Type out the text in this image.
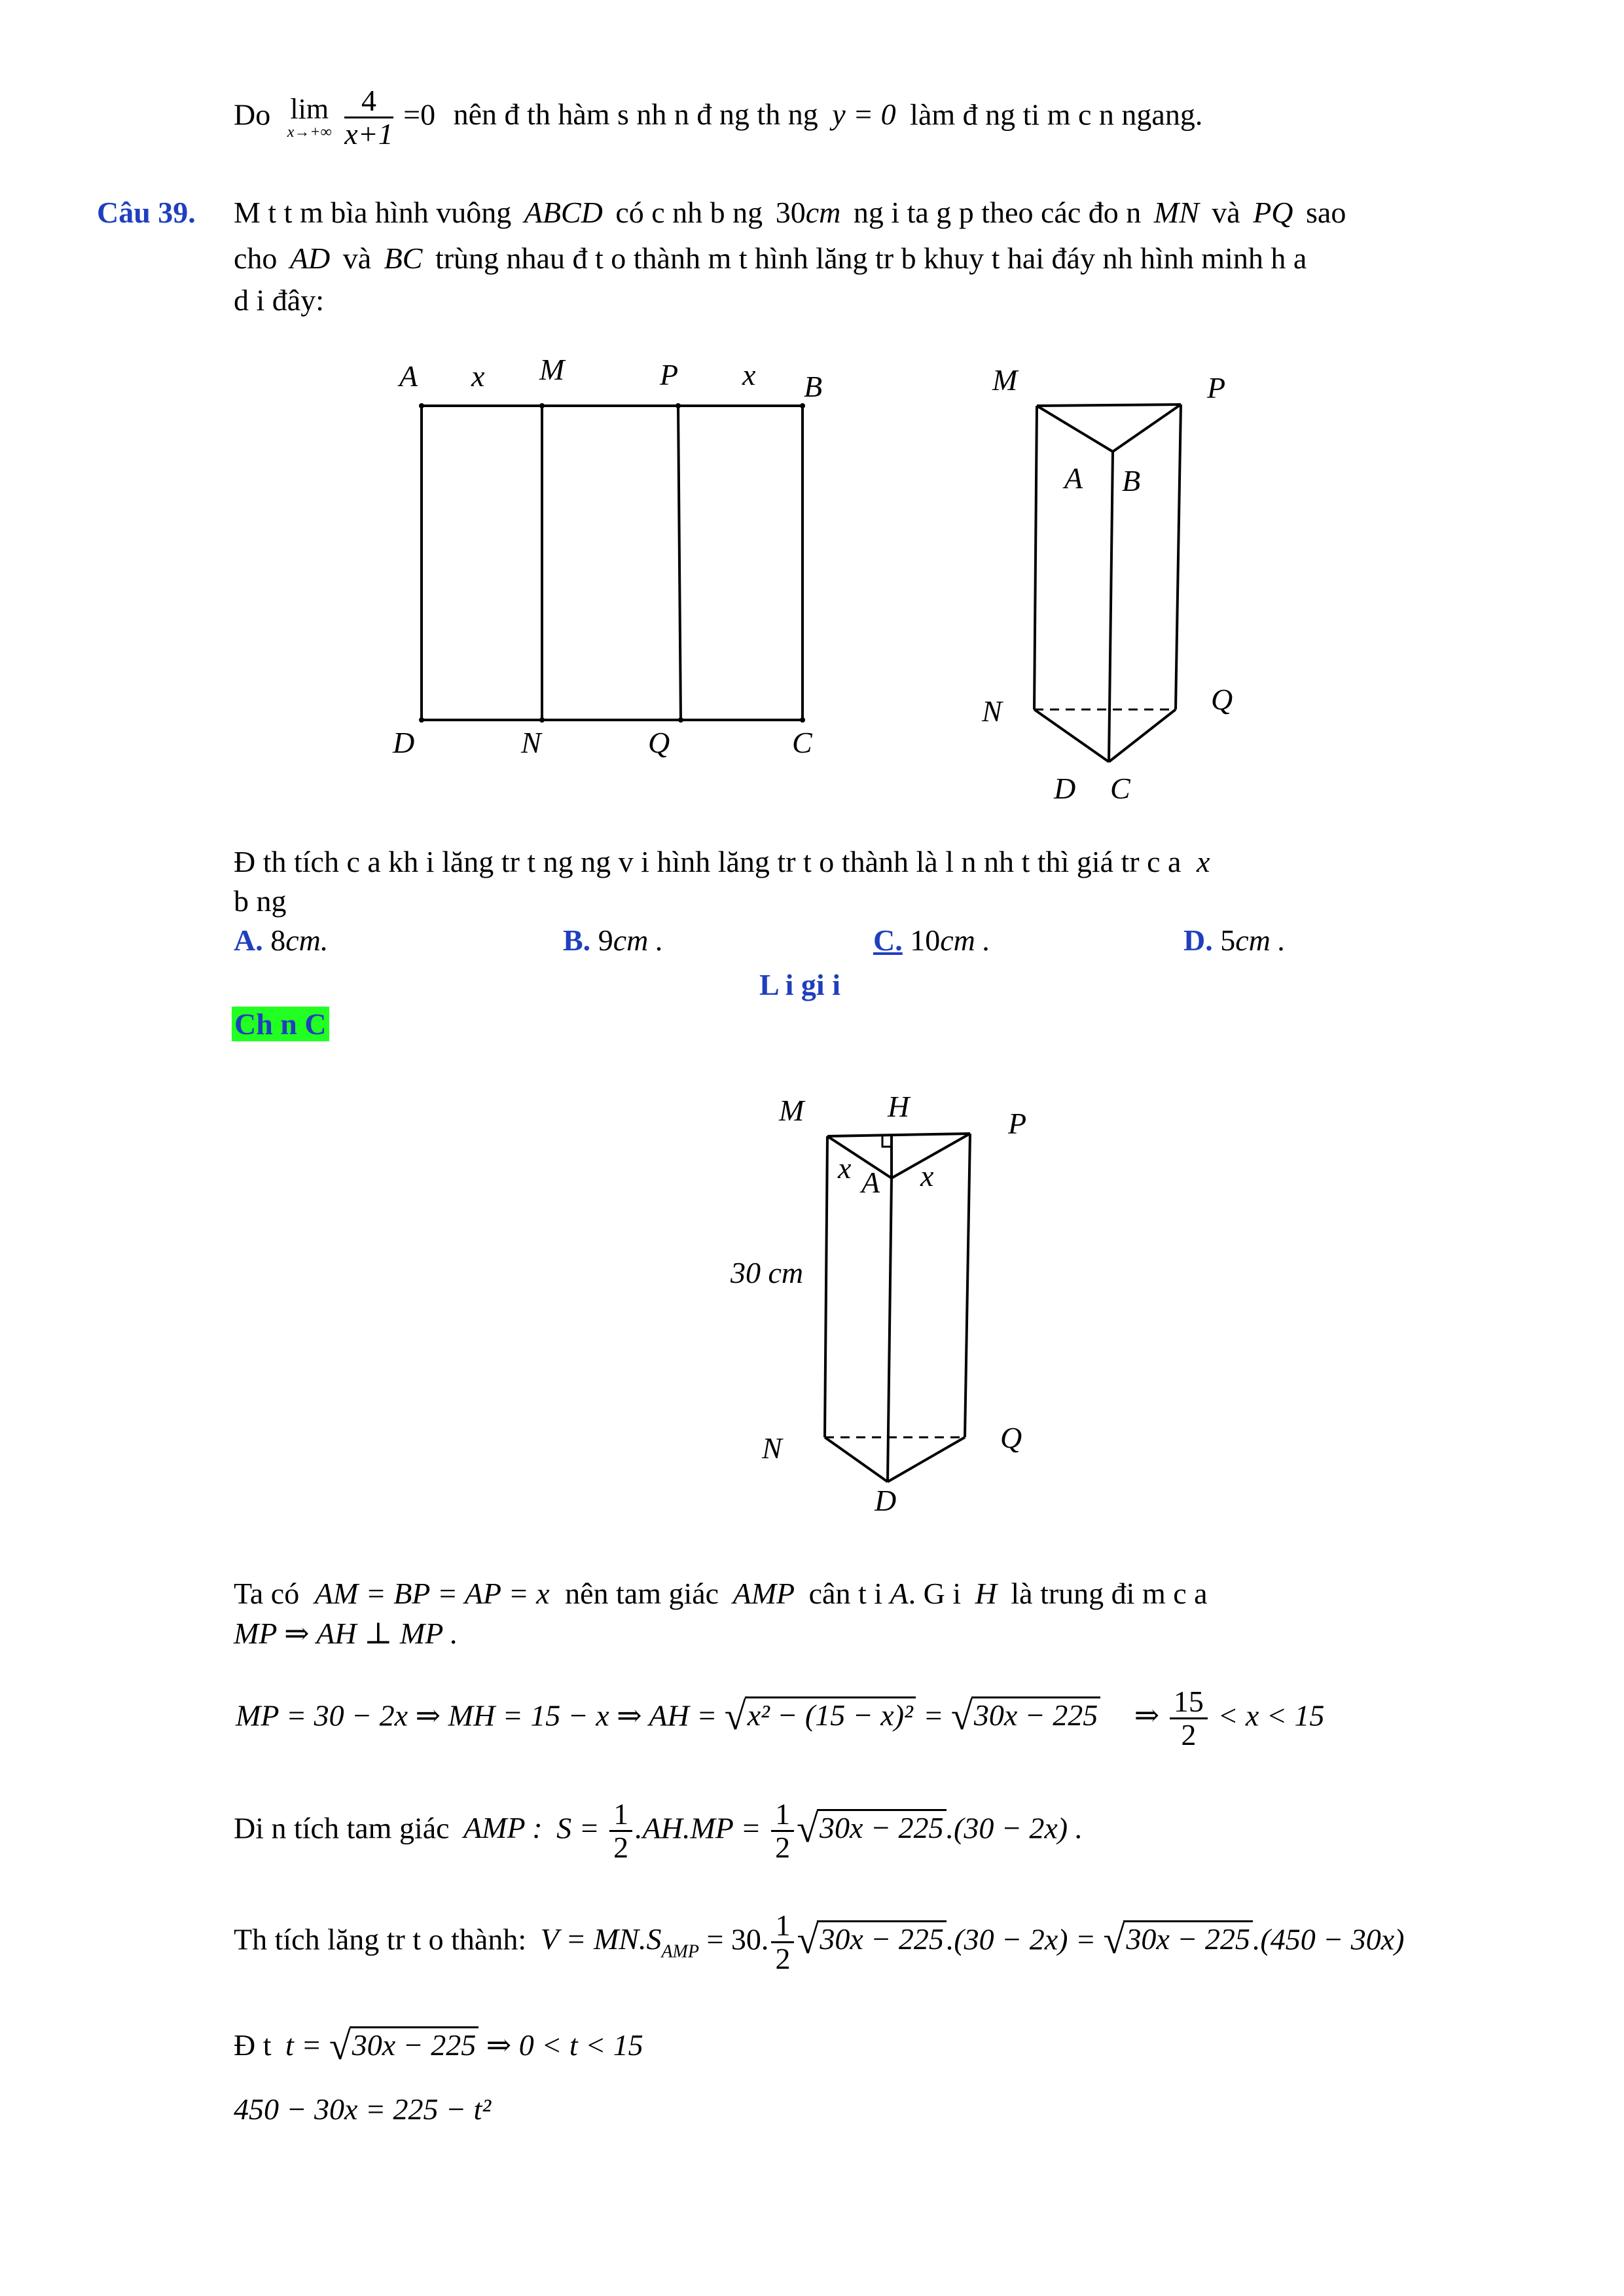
Do lim
x→+∞
$\frac{4}{x+1} =0$ nên đ th hàm s nh n đ ng th ng y = 0 làm đ ng ti m c n ngang.
Câu 39. M t t m bìa hình vuông ABCD có c nh b ng 30cm ng i ta g p theo các đo n MN và PQ sao
cho AD và BC trùng nhau đ t o thành m t hình lăng tr b khuy t hai đáy nh hình minh h a
d i đây:
A x M	P x B
D	N	Q	C
M	P
A B
N	Q
D C
Đ th tích c a kh i lăng tr t ng ng v i hình lăng tr t o thành là l n nh t thì giá tr c a x
b ng
A. 8cm.	B. 9cm .	C. 10cm .	D. 5cm .
L i gi i
Ch n C
M	H
P
x A x
30 cm
N	Q
D
Ta có AM = BP = AP = x nên tam giác AMP cân t i A. G i H là trung đi m c a
MP ⇒ AH ⊥ MP .
MP = 30 − 2x ⇒ MH = 15 − x ⇒ AH = √x² − (15 − x)² = √30x − 225 ⇒ $\frac{15}{2} < x < 15$
Di n tích tam giác AMP : $S = \frac{1}{2} .AH.MP = \frac{1}{2} √30x - 225.(30 - 2x)$ .
Th tích lăng tr t o thành: $V = MN.S_{AMP} = 30$. $\frac{1}{2} √30x - 225.(30 - 2x) = √30x - 225.(450 - 30x)$
Đ t t = √30x − 225 ⇒ 0 < t < 15
450 − 30x = 225 − t²
